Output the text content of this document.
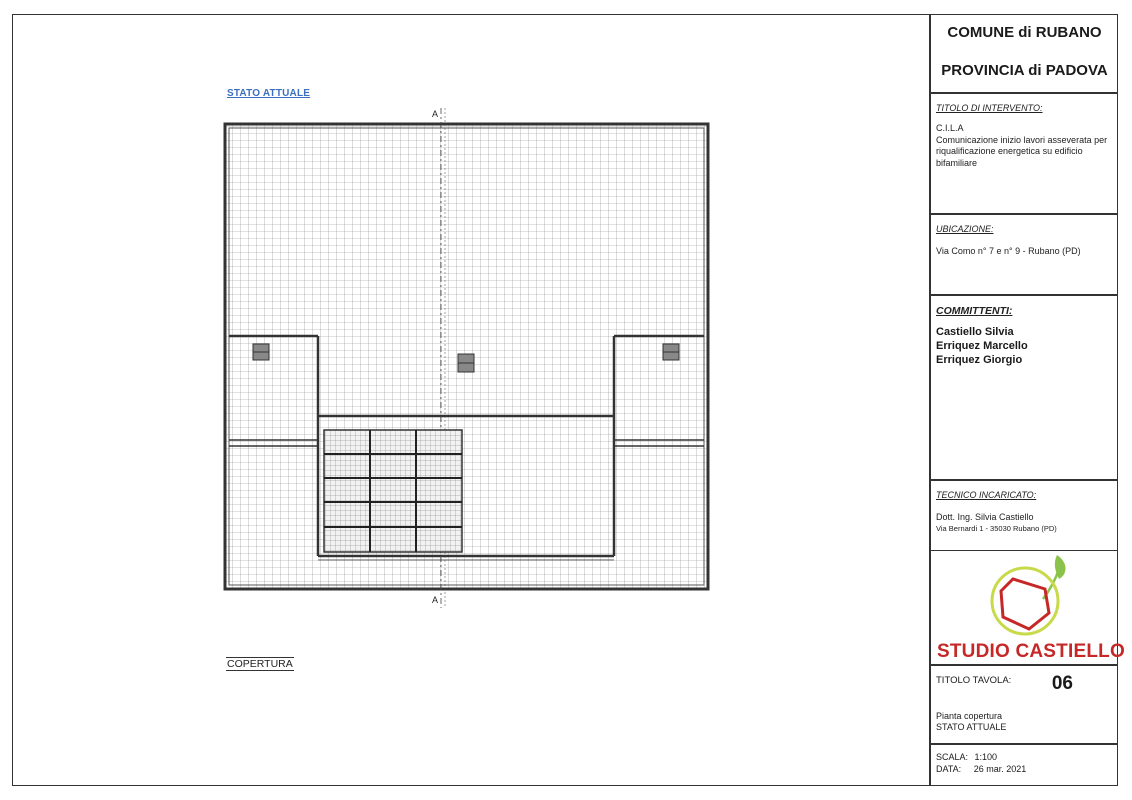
STATO ATTUALE
A
A
COPERTURA
COMUNE di RUBANO
PROVINCIA di PADOVA
TITOLO DI INTERVENTO:
C.I.L.A
Comunicazione inizio lavori asseverata per riqualificazione energetica su edificio bifamiliare
UBICAZIONE:
Via Como n° 7 e n° 9 - Rubano (PD)
COMMITTENTI:
Castiello Silvia
Erriquez Marcello
Erriquez Giorgio
TECNICO INCARICATO:
Dott. Ing. Silvia Castiello
Via Bernardi 1 - 35030 Rubano (PD)
STUDIO CASTIELLO
TITOLO TAVOLA:	06
Pianta copertura
STATO ATTUALE
SCALA: 1:100
DATA: 26 mar. 2021
